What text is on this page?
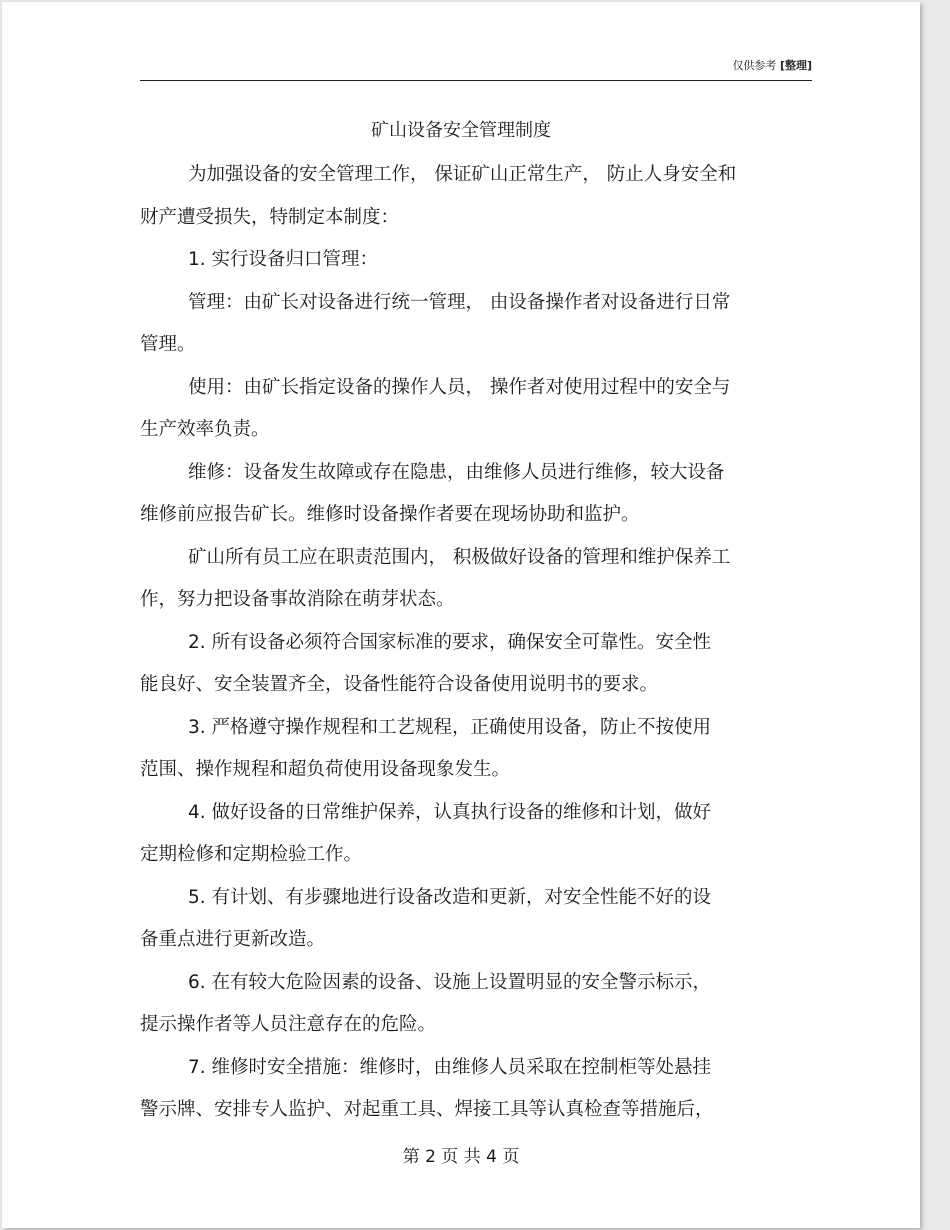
仅供参考 [整理]
矿山设备安全管理制度
为加强设备的安全管理工作， 保证矿山正常生产， 防止人身安全和
财产遭受损失，特制定本制度：
1. 实行设备归口管理：
管理：由矿长对设备进行统一管理， 由设备操作者对设备进行日常
管理。
使用：由矿长指定设备的操作人员， 操作者对使用过程中的安全与
生产效率负责。
维修：设备发生故障或存在隐患，由维修人员进行维修，较大设备
维修前应报告矿长。维修时设备操作者要在现场协助和监护。
矿山所有员工应在职责范围内， 积极做好设备的管理和维护保养工
作，努力把设备事故消除在萌芽状态。
2. 所有设备必须符合国家标准的要求，确保安全可靠性。安全性
能良好、安全装置齐全，设备性能符合设备使用说明书的要求。
3. 严格遵守操作规程和工艺规程，正确使用设备，防止不按使用
范围、操作规程和超负荷使用设备现象发生。
4. 做好设备的日常维护保养，认真执行设备的维修和计划，做好
定期检修和定期检验工作。
5. 有计划、有步骤地进行设备改造和更新，对安全性能不好的设
备重点进行更新改造。
6. 在有较大危险因素的设备、设施上设置明显的安全警示标示，
提示操作者等人员注意存在的危险。
7. 维修时安全措施：维修时，由维修人员采取在控制柜等处悬挂
警示牌、安排专人监护、对起重工具、焊接工具等认真检查等措施后，
第 2 页 共 4 页
